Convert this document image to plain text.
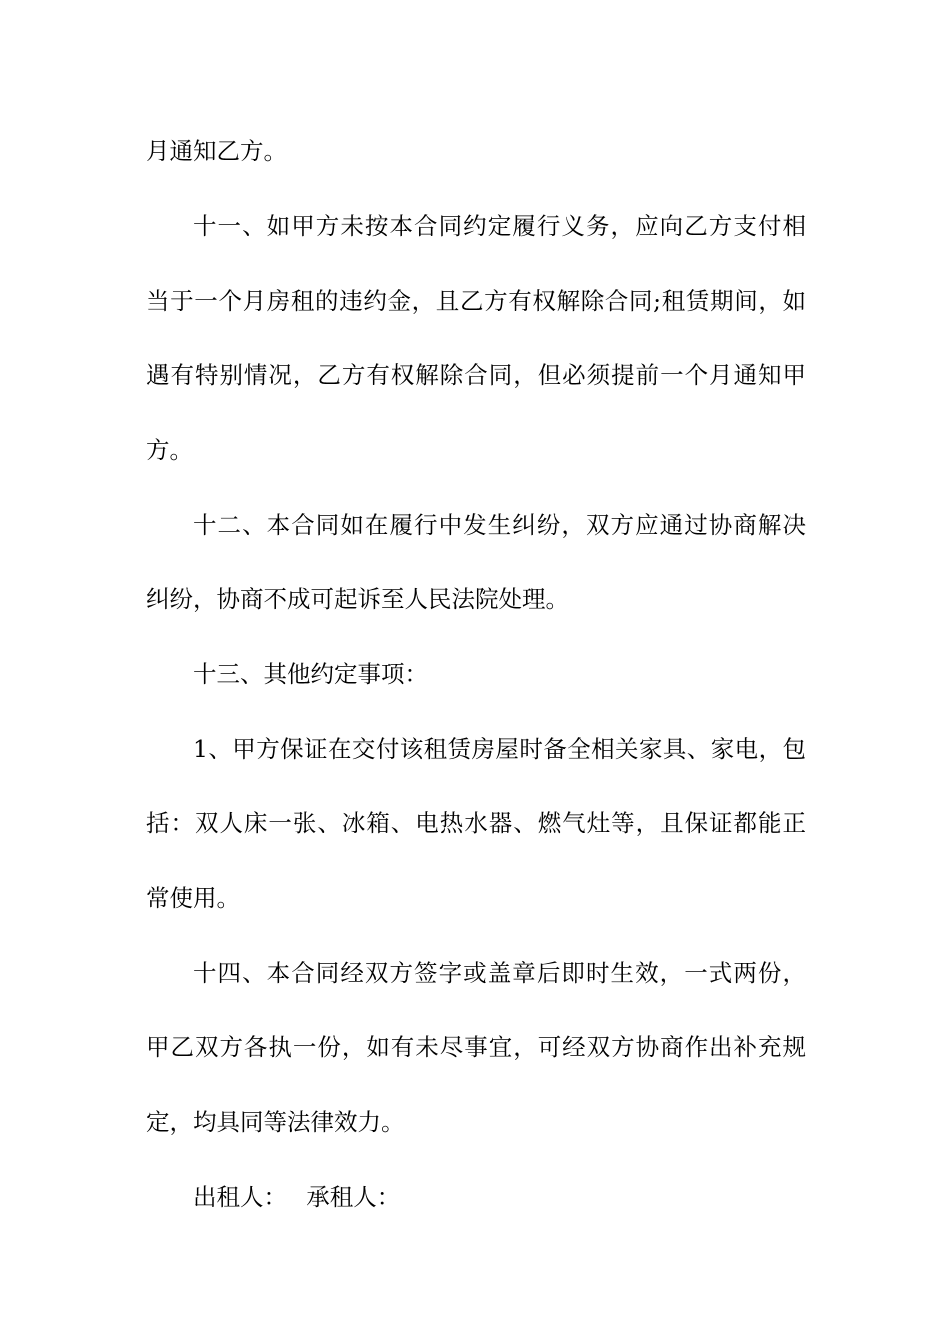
月通知乙方。
十一、如甲方未按本合同约定履行义务，应向乙方支付相
当于一个月房租的违约金，且乙方有权解除合同;租赁期间，如
遇有特别情况，乙方有权解除合同，但必须提前一个月通知甲
方。
十二、本合同如在履行中发生纠纷，双方应通过协商解决
纠纷，协商不成可起诉至人民法院处理。
十三、其他约定事项：
1、甲方保证在交付该租赁房屋时备全相关家具、家电，包
括：双人床一张、冰箱、电热水器、燃气灶等，且保证都能正
常使用。
十四、本合同经双方签字或盖章后即时生效，一式两份，
甲乙双方各执一份，如有未尽事宜，可经双方协商作出补充规
定，均具同等法律效力。
出租人：　 承租人：
